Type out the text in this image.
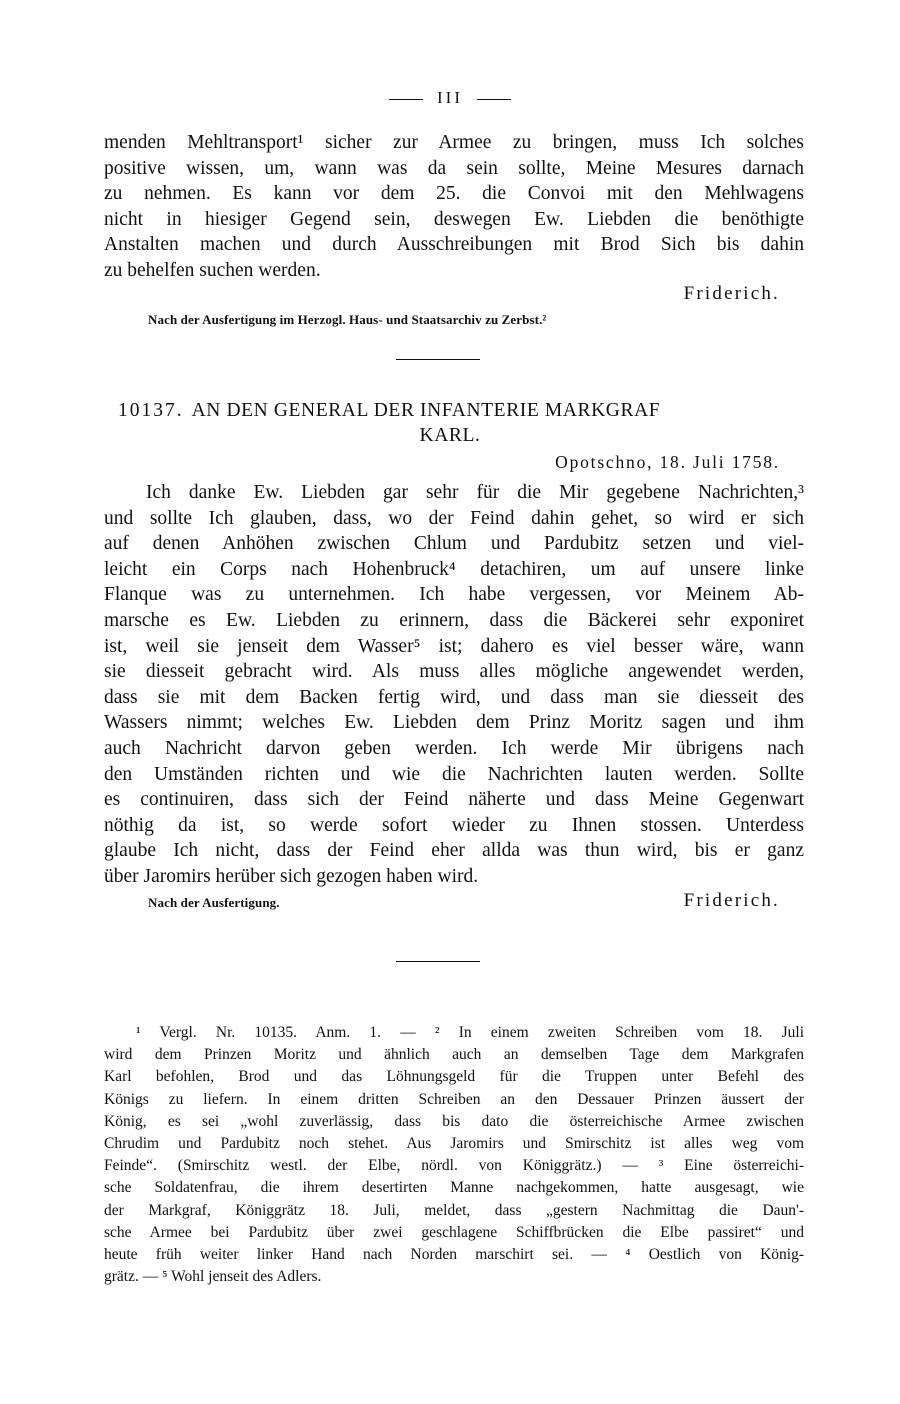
III
menden Mehltransport¹ sicher zur Armee zu bringen, muss Ich solches
positive wissen, um, wann was da sein sollte, Meine Mesures darnach
zu nehmen. Es kann vor dem 25. die Convoi mit den Mehlwagens
nicht in hiesiger Gegend sein, deswegen Ew. Liebden die benöthigte
Anstalten machen und durch Ausschreibungen mit Brod Sich bis dahin
zu behelfen suchen werden.
Friderich.
Nach der Ausfertigung im Herzogl. Haus- und Staatsarchiv zu Zerbst.²
10137. AN DEN GENERAL DER INFANTERIE MARKGRAF
KARL.
Opotschno, 18. Juli 1758.
Ich danke Ew. Liebden gar sehr für die Mir gegebene Nachrichten,³
und sollte Ich glauben, dass, wo der Feind dahin gehet, so wird er sich
auf denen Anhöhen zwischen Chlum und Pardubitz setzen und viel-
leicht ein Corps nach Hohenbruck⁴ detachiren, um auf unsere linke
Flanque was zu unternehmen. Ich habe vergessen, vor Meinem Ab-
marsche es Ew. Liebden zu erinnern, dass die Bäckerei sehr exponiret
ist, weil sie jenseit dem Wasser⁵ ist; dahero es viel besser wäre, wann
sie diesseit gebracht wird. Als muss alles mögliche angewendet werden,
dass sie mit dem Backen fertig wird, und dass man sie diesseit des
Wassers nimmt; welches Ew. Liebden dem Prinz Moritz sagen und ihm
auch Nachricht darvon geben werden. Ich werde Mir übrigens nach
den Umständen richten und wie die Nachrichten lauten werden. Sollte
es continuiren, dass sich der Feind näherte und dass Meine Gegenwart
nöthig da ist, so werde sofort wieder zu Ihnen stossen. Unterdess
glaube Ich nicht, dass der Feind eher allda was thun wird, bis er ganz
über Jaromirs herüber sich gezogen haben wird.
Nach der Ausfertigung.	Friderich.
¹ Vergl. Nr. 10135. Anm. 1. — ² In einem zweiten Schreiben vom 18. Juli
wird dem Prinzen Moritz und ähnlich auch an demselben Tage dem Markgrafen
Karl befohlen, Brod und das Löhnungsgeld für die Truppen unter Befehl des
Königs zu liefern. In einem dritten Schreiben an den Dessauer Prinzen äussert der
König, es sei „wohl zuverlässig, dass bis dato die österreichische Armee zwischen
Chrudim und Pardubitz noch stehet. Aus Jaromirs und Smirschitz ist alles weg vom
Feinde“. (Smirschitz westl. der Elbe, nördl. von Königgrätz.) — ³ Eine österreichi-
sche Soldatenfrau, die ihrem desertirten Manne nachgekommen, hatte ausgesagt, wie
der Markgraf, Königgrätz 18. Juli, meldet, dass „gestern Nachmittag die Daun'-
sche Armee bei Pardubitz über zwei geschlagene Schiffbrücken die Elbe passiret“ und
heute früh weiter linker Hand nach Norden marschirt sei. — ⁴ Oestlich von König-
grätz. — ⁵ Wohl jenseit des Adlers.
